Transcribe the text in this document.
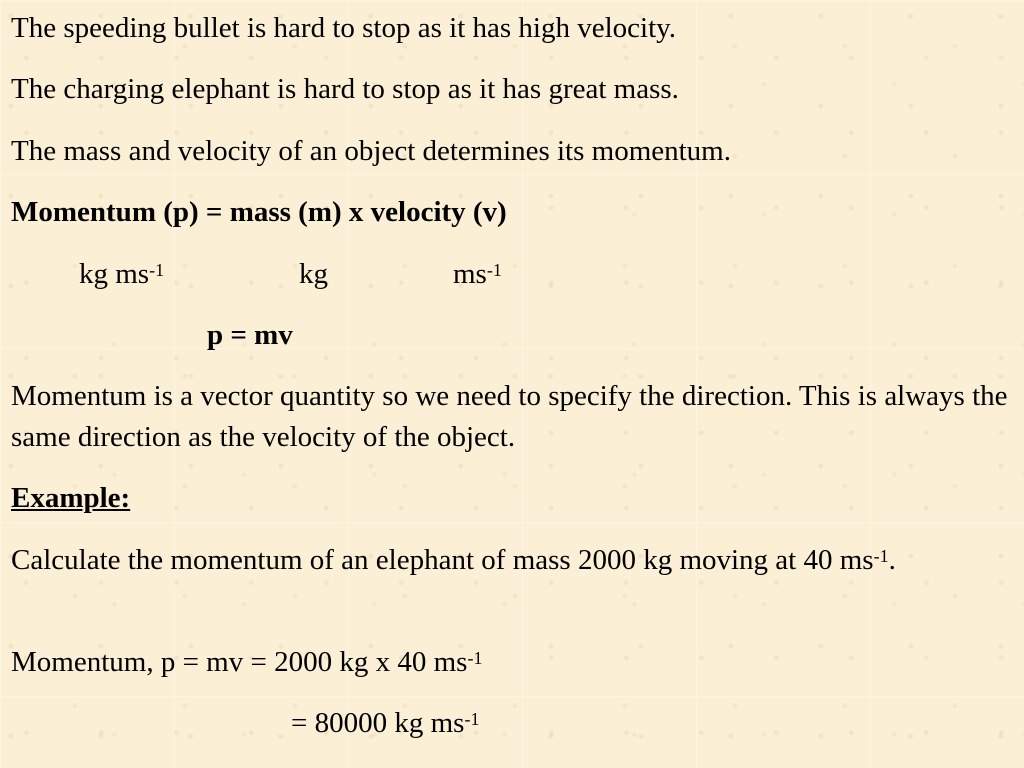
The speeding bullet is hard to stop as it has high velocity.
The charging elephant is hard to stop as it has great mass.
The mass and velocity of an object determines its momentum.
Momentum (p) = mass (m) x velocity (v)
kg $ms^{-1}$	kg	$ms^{-1}$
p = mv
Momentum is a vector quantity so we need to specify the direction. This is always the same direction as the velocity of the object.
Example:
Calculate the momentum of an elephant of mass 2000 kg moving at 40 $ms^{-1}$.
Momentum, p = mv = 2000 kg x 40 $ms^{-1}$
= 80000 kg $ms^{-1}$
